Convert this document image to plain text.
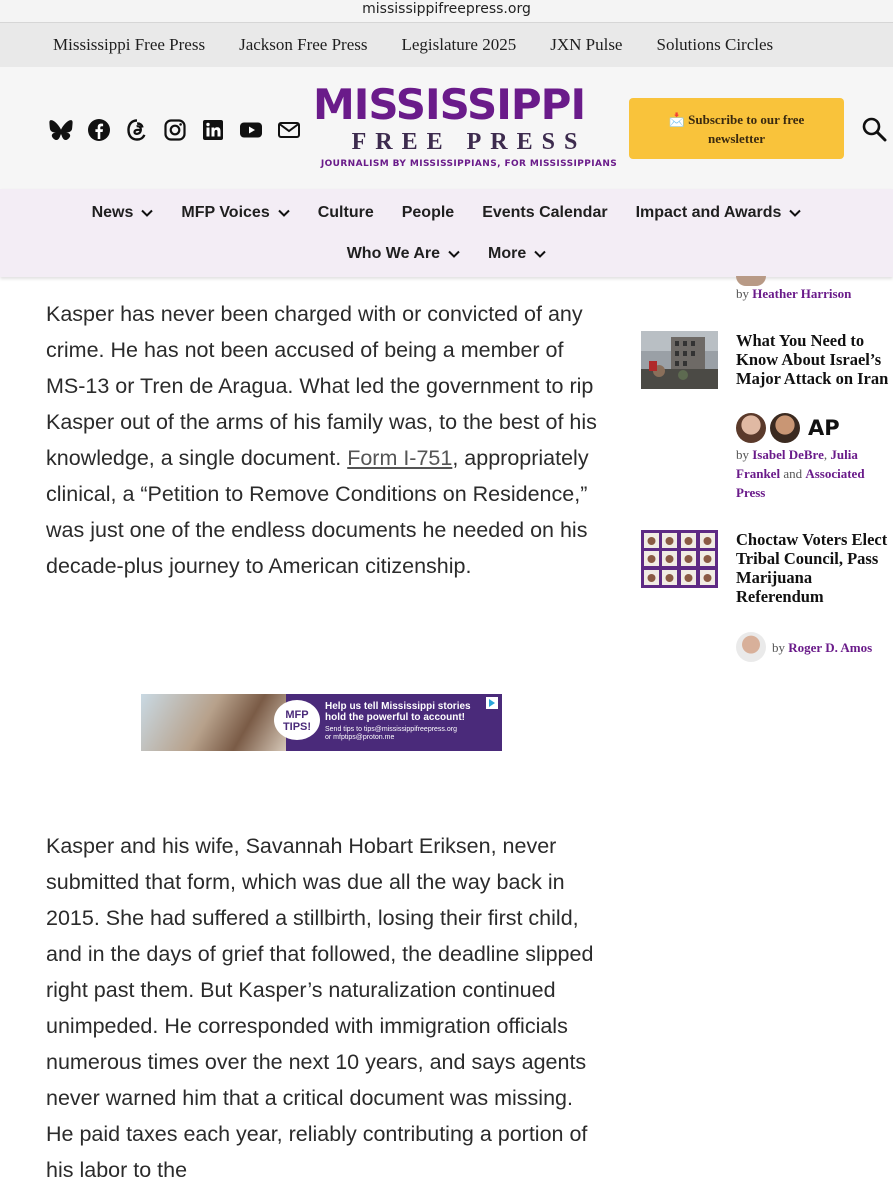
mississippifreepress.org
Mississippi Free Press Jackson Free Press Legislature 2025 JXN Pulse Solutions Circles
MISSISSIPPI
FREE PRESS
JOURNALISM BY MISSISSIPPIANS, FOR MISSISSIPPIANS
📩 Subscribe to our free newsletter
News	MFP Voices	Culture People Events Calendar Impact and Awards
Who We Are	More

Kasper has never been charged with or convicted of any crime. He has not been accused of being a member of MS-13 or Tren de Aragua. What led the government to rip Kasper out of the arms of his family was, to the best of his knowledge, a single document. Form I-751, appropriately clinical, a “Petition to Remove Conditions on Residence,” was just one of the endless documents he needed on his decade-plus journey to American citizenship.

MFP TIPS!
Help us tell Mississippi stories
hold the powerful to account!
Send tips to tips@mississippifreepress.org
or mfptips@proton.me
Kasper and his wife, Savannah Hobart Eriksen, never submitted that form, which was due all the way back in 2015. She had suffered a stillbirth, losing their first child, and in the days of grief that followed, the deadline slipped right past them. But Kasper’s naturalization continued unimpeded. He corresponded with immigration officials numerous times over the next 10 years, and says agents never warned him that a critical document was missing. He paid taxes each year, reliably contributing a portion of his labor to the
by Heather Harrison
What You Need to Know About Israel’s Major Attack on Iran
AP
by Isabel DeBre, Julia Frankel and Associated Press
Choctaw Voters Elect Tribal Council, Pass Marijuana Referendum
by Roger D. Amos
